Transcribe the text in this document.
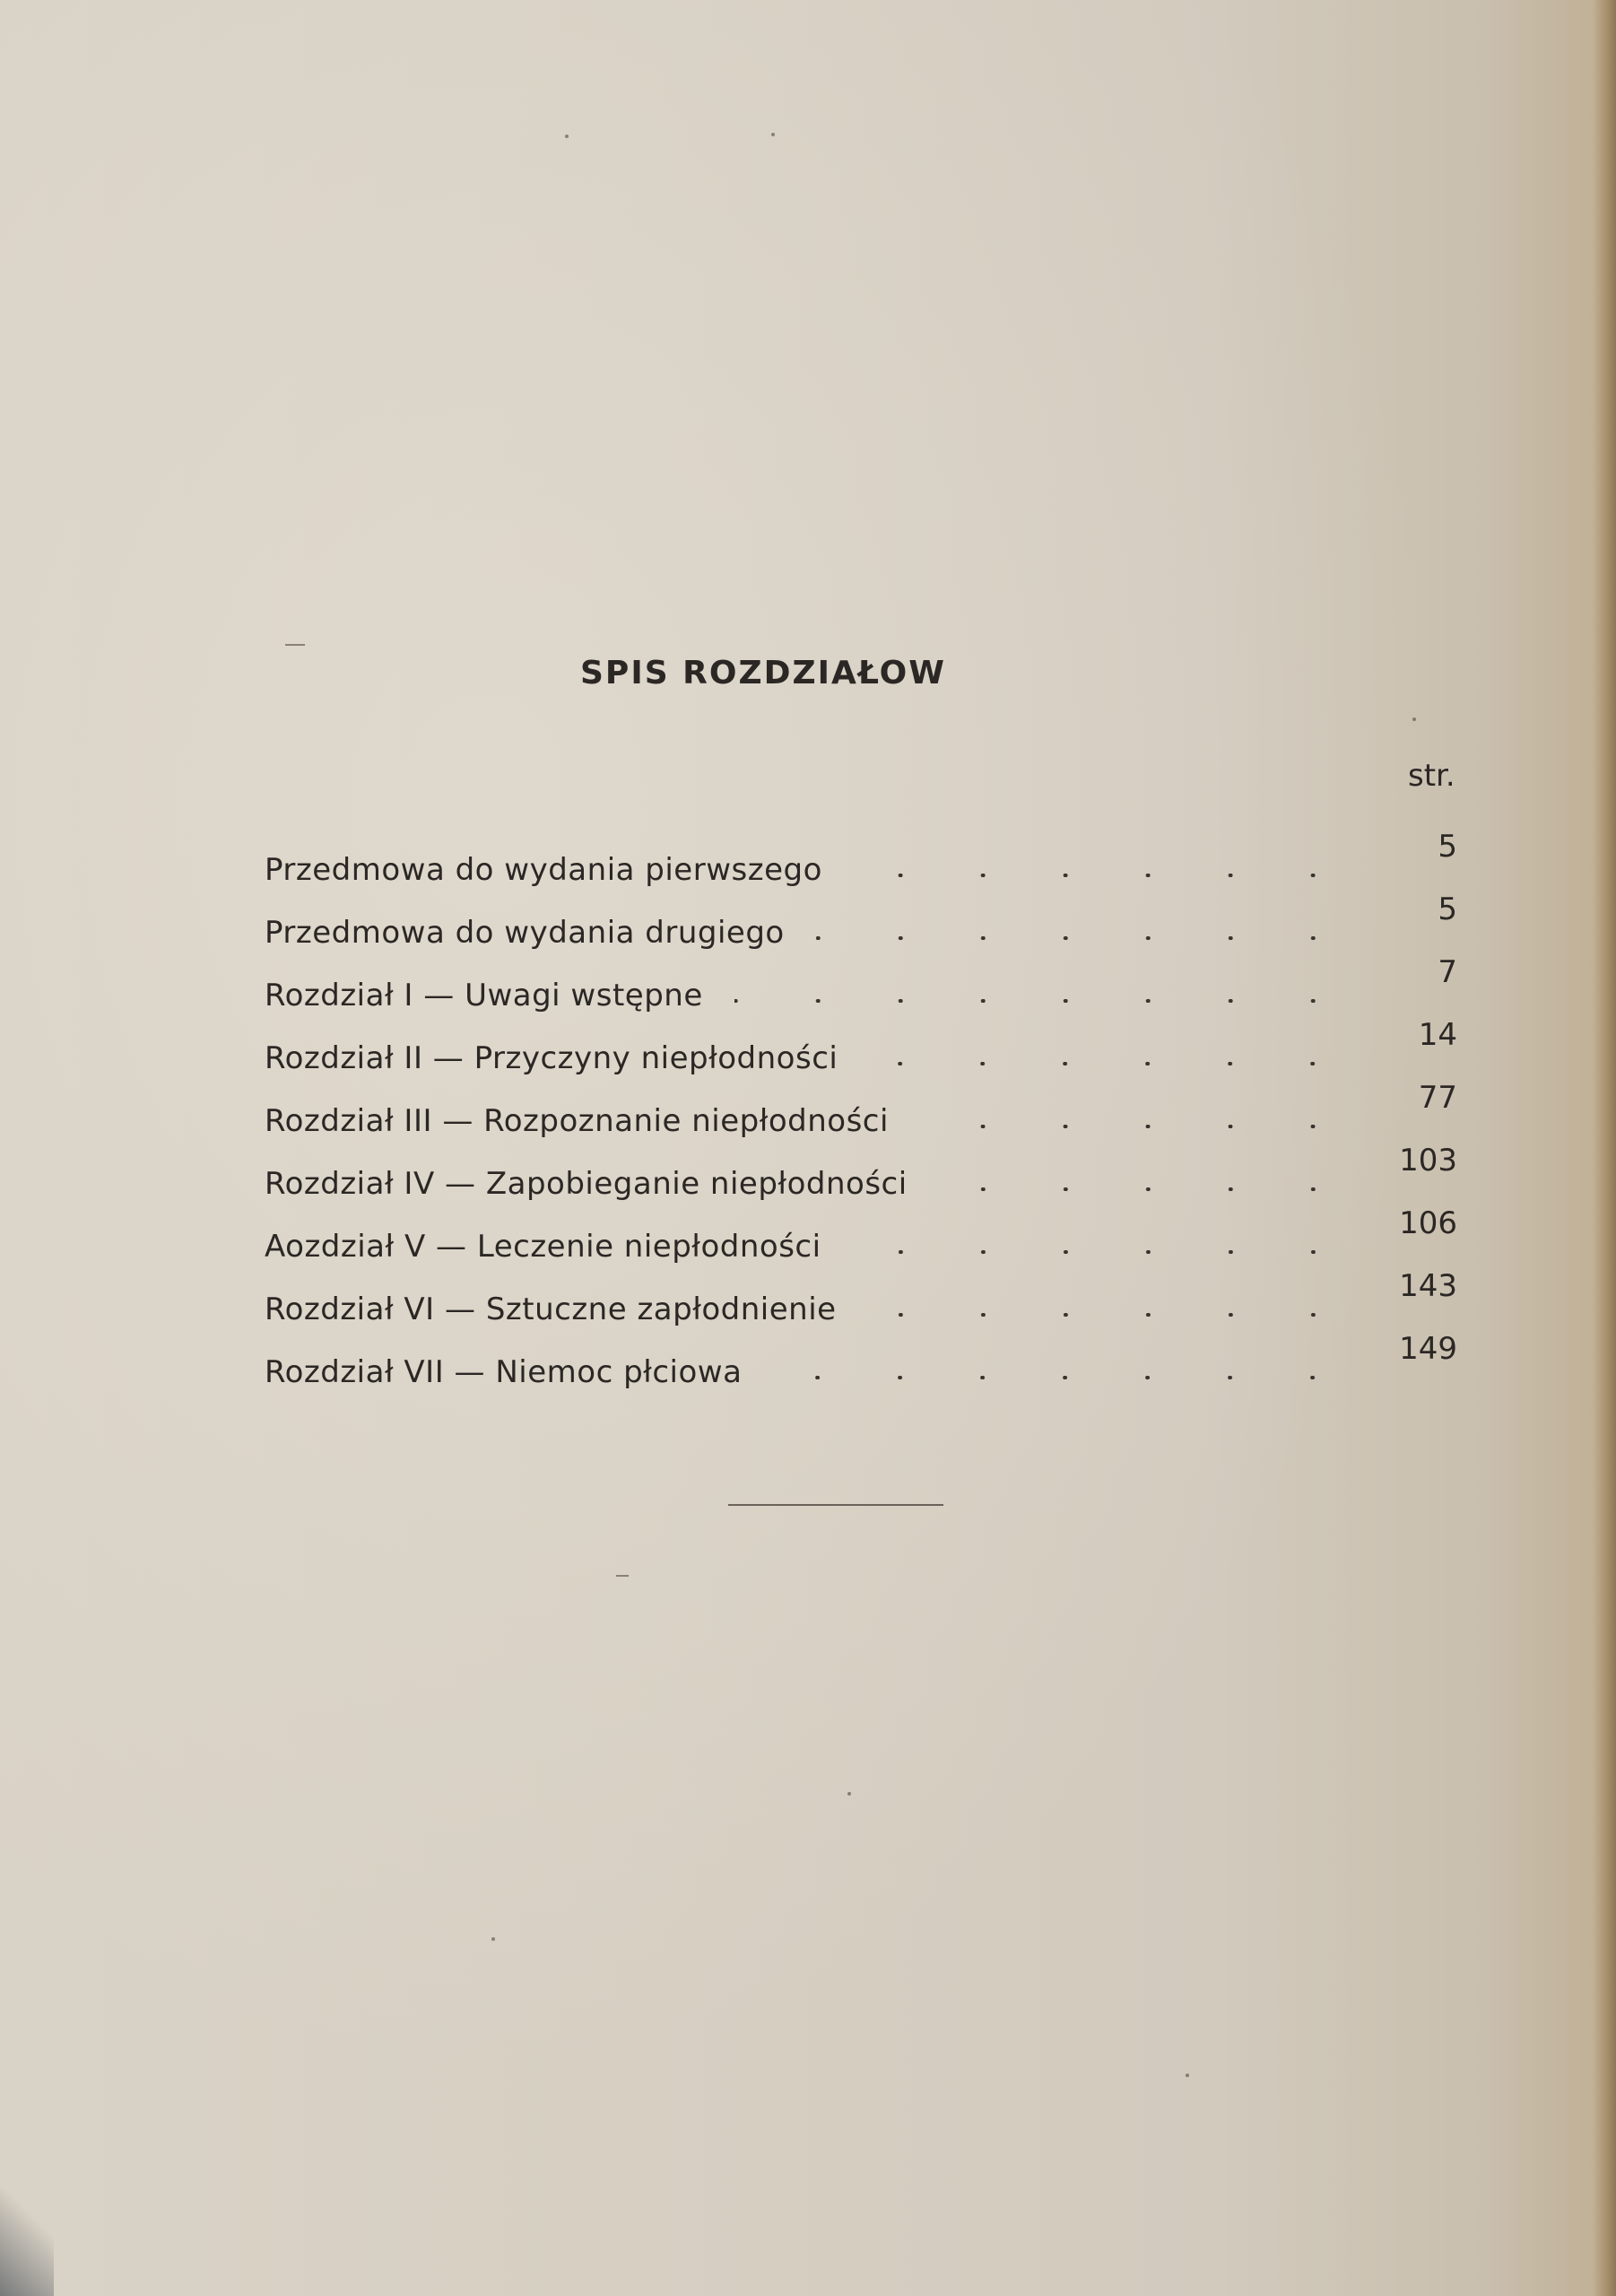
SPIS ROZDZIAŁOW
str.
Przedmowa do wydania pierwszego
5
Przedmowa do wydania drugiego
5
Rozdział I — Uwagi wstępne
7
Rozdział II — Przyczyny niepłodności
14
Rozdział III — Rozpoznanie niepłodności
77
Rozdział IV — Zapobieganie niepłodności
103
Aozdział V — Leczenie niepłodności
106
Rozdział VI — Sztuczne zapłodnienie
143
Rozdział VII — Niemoc płciowa
149
